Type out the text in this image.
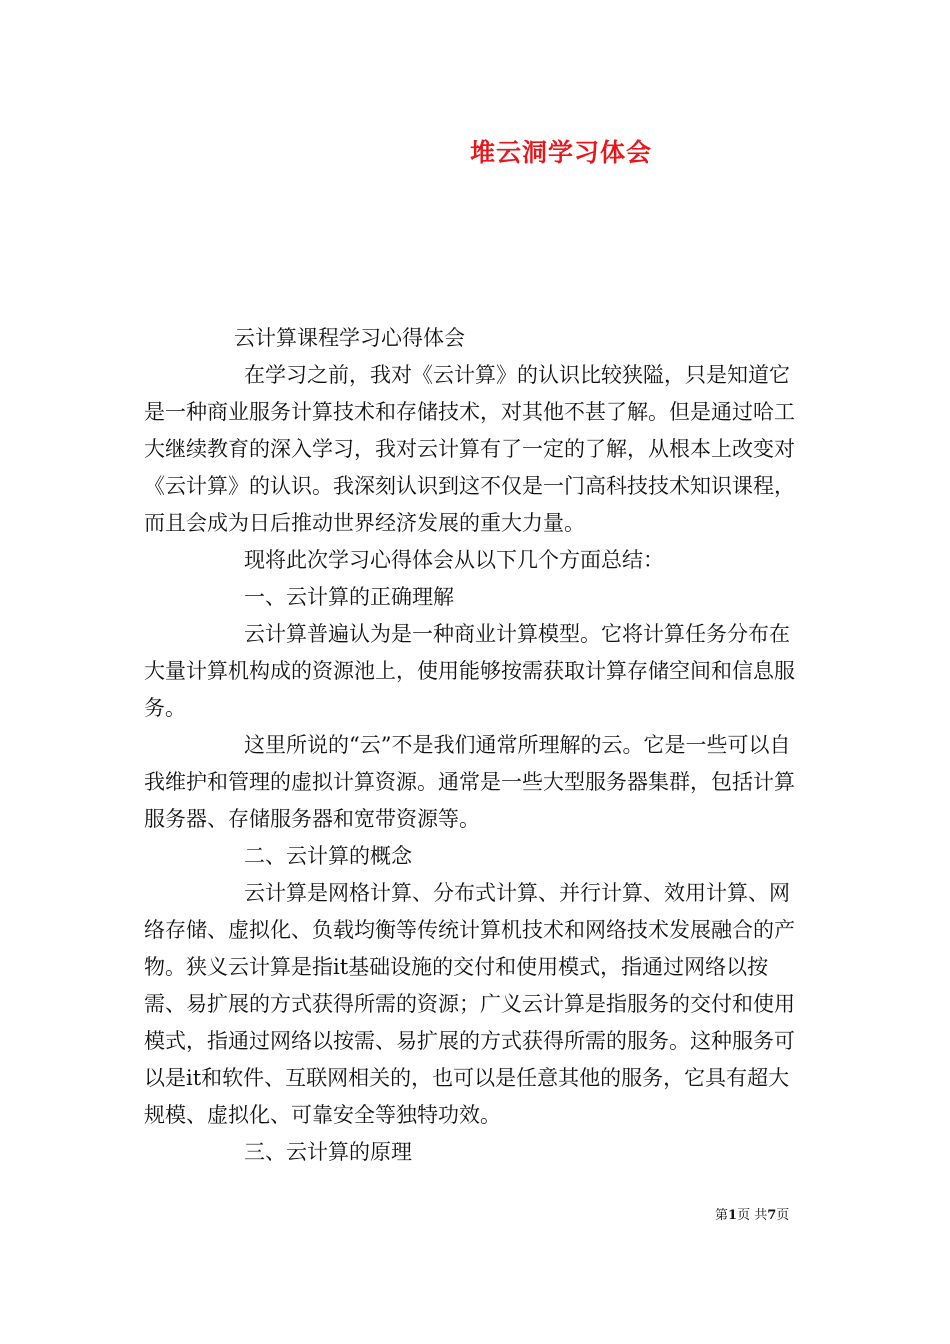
堆云洞学习体会

云计算课程学习心得体会

在学习之前，我对《云计算》的认识比较狭隘，只是知道它是一种商业服务计算技术和存储技术，对其他不甚了解。但是通过哈工大继续教育的深入学习，我对云计算有了一定的了解，从根本上改变对《云计算》的认识。我深刻认识到这不仅是一门高科技技术知识课程，而且会成为日后推动世界经济发展的重大力量。

现将此次学习心得体会从以下几个方面总结：

一、云计算的正确理解

云计算普遍认为是一种商业计算模型。它将计算任务分布在大量计算机构成的资源池上，使用能够按需获取计算存储空间和信息服务。

这里所说的“云”不是我们通常所理解的云。它是一些可以自我维护和管理的虚拟计算资源。通常是一些大型服务器集群，包括计算服务器、存储服务器和宽带资源等。

二、云计算的概念

云计算是网格计算、分布式计算、并行计算、效用计算、网络存储、虚拟化、负载均衡等传统计算机技术和网络技术发展融合的产物。狭义云计算是指it基础设施的交付和使用模式，指通过网络以按需、易扩展的方式获得所需的资源；广义云计算是指服务的交付和使用模式，指通过网络以按需、易扩展的方式获得所需的服务。这种服务可以是it和软件、互联网相关的，也可以是任意其他的服务，它具有超大规模、虚拟化、可靠安全等独特功效。

三、云计算的原理

第1页 共7页
